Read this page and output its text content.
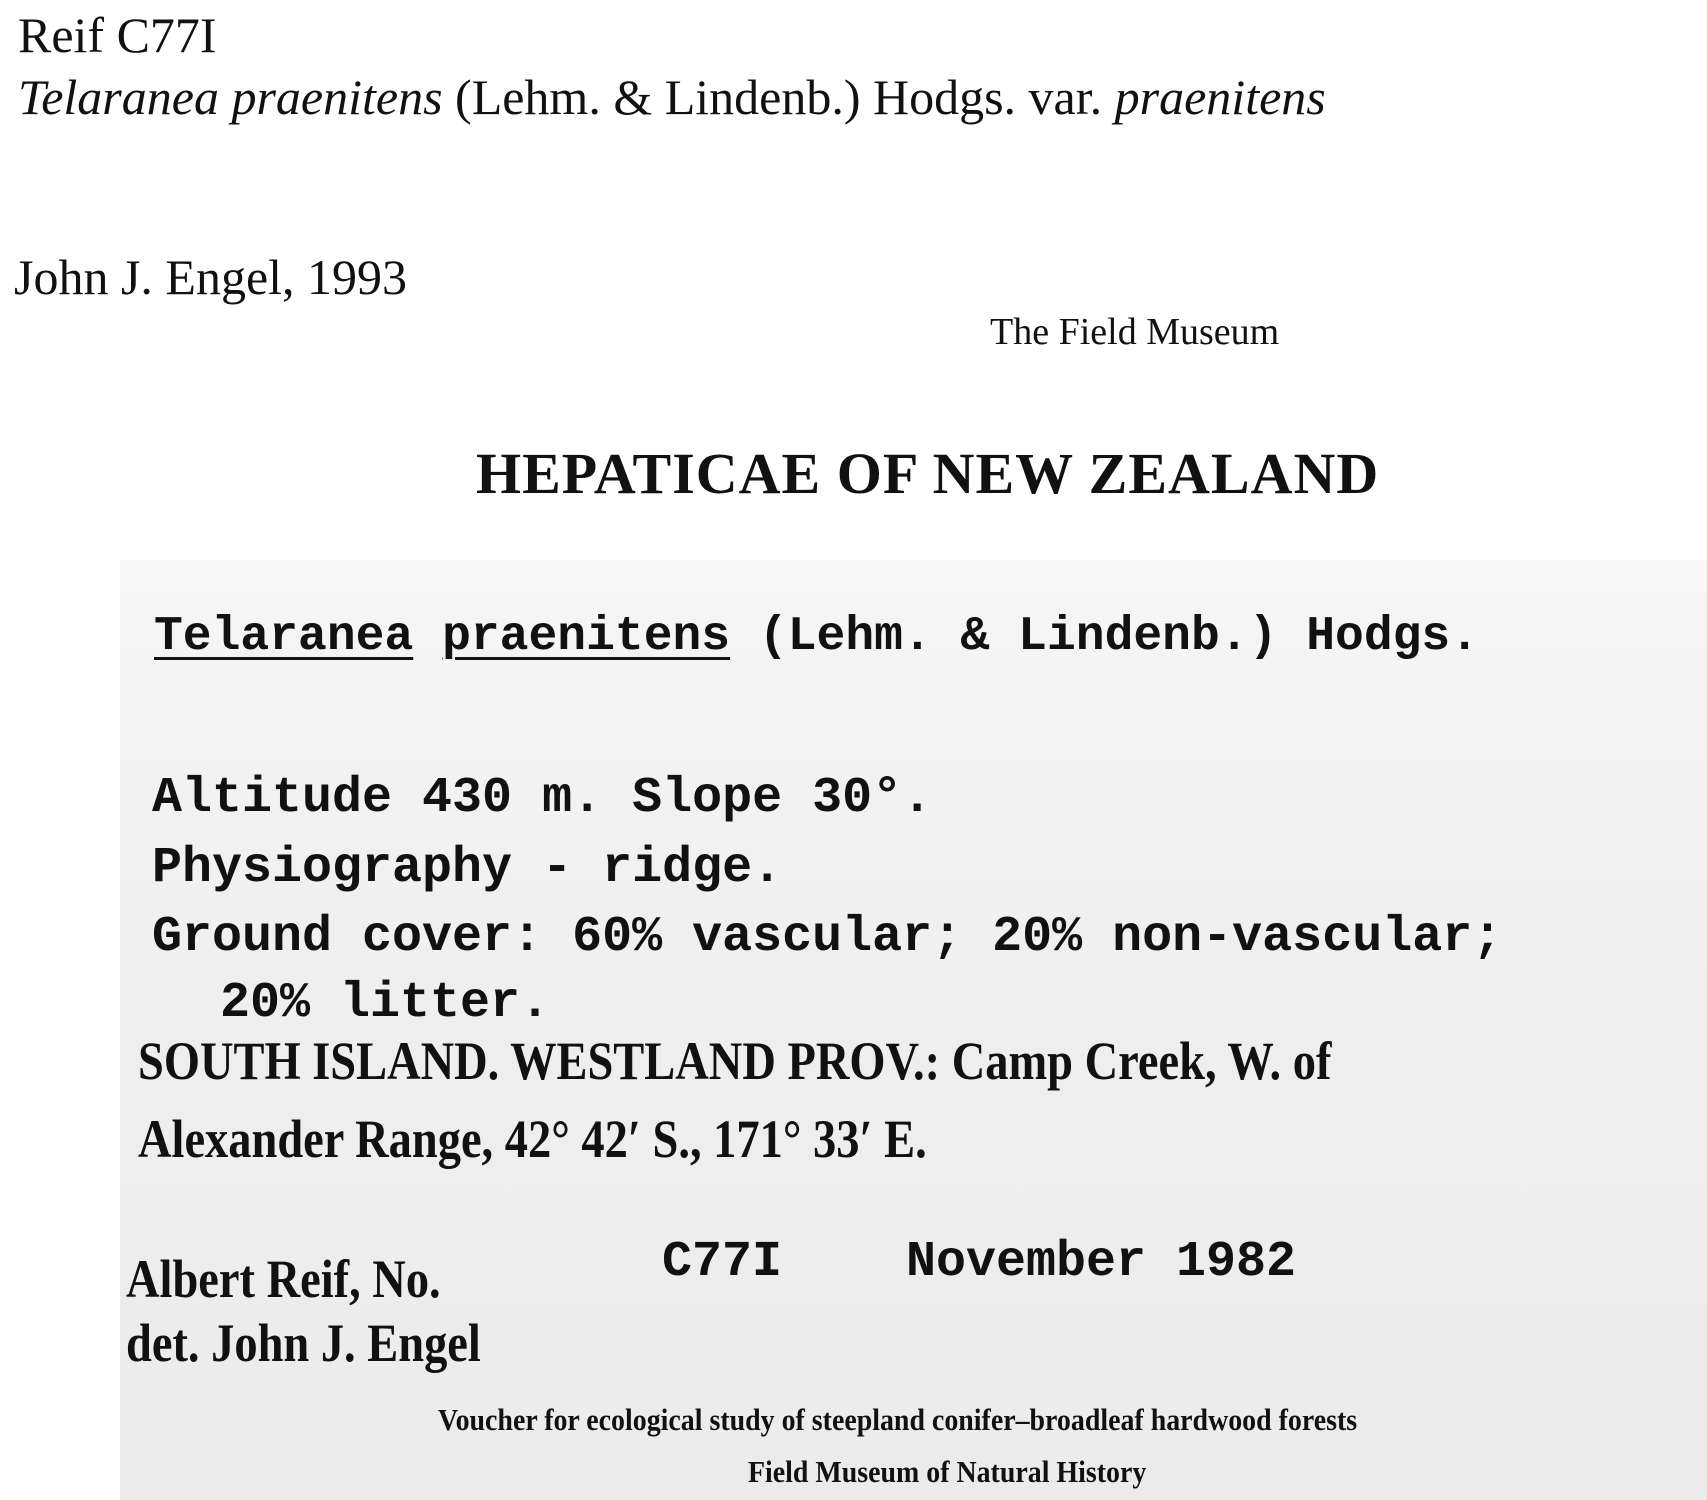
Reif C77I
Telaranea praenitens (Lehm. & Lindenb.) Hodgs. var. praenitens
John J. Engel, 1993
The Field Museum
HEPATICAE OF NEW ZEALAND
Telaranea praenitens (Lehm. & Lindenb.) Hodgs.
Altitude 430 m. Slope 30°.
Physiography - ridge.
Ground cover: 60% vascular; 20% non-vascular;
20% litter.
SOUTH ISLAND. WESTLAND PROV.: Camp Creek, W. of
Alexander Range, 42° 42′ S., 171° 33′ E.
Albert Reif, No.	C77I November 1982
det. John J. Engel
Voucher for ecological study of steepland conifer–broadleaf hardwood forests
Field Museum of Natural History
